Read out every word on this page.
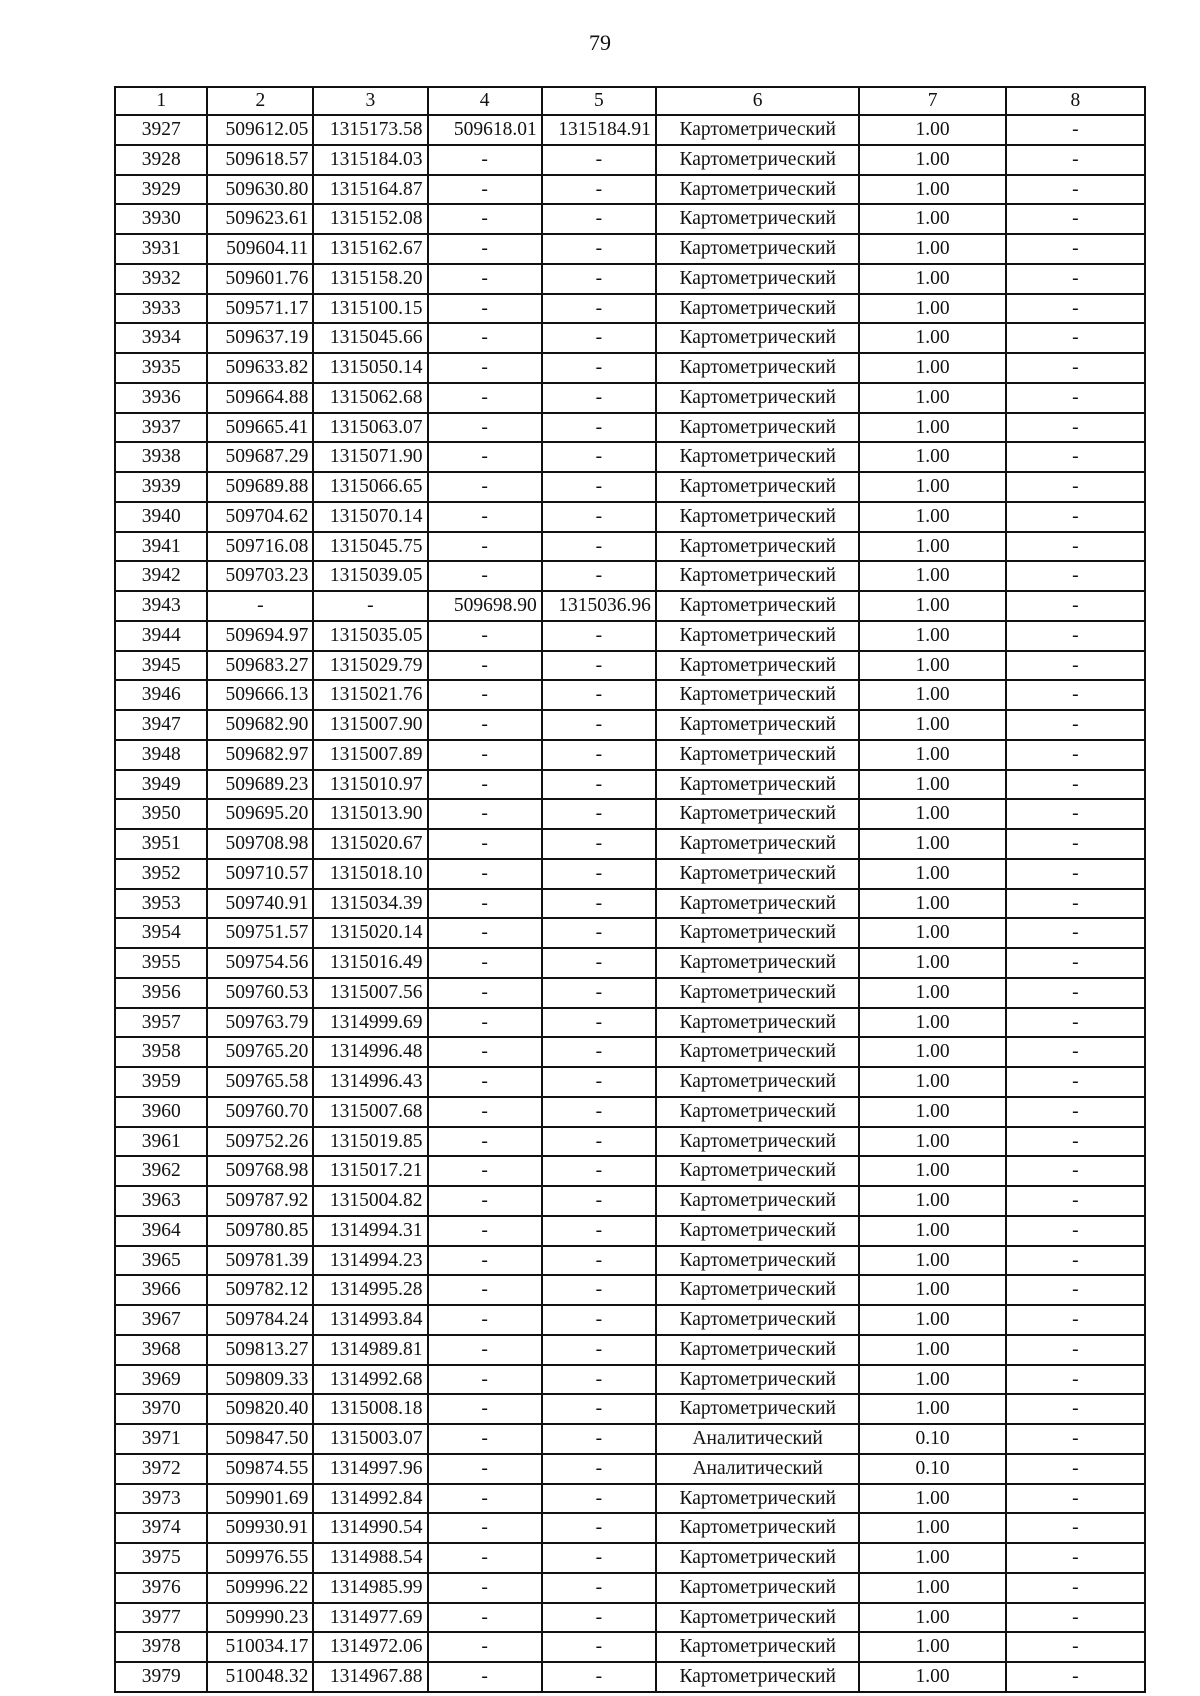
79
1	2	3	4	5	6	7	8
3927	509612.05	1315173.58	509618.01	1315184.91	Картометрический	1.00	-
3928	509618.57	1315184.03	-	-	Картометрический	1.00	-
3929	509630.80	1315164.87	-	-	Картометрический	1.00	-
3930	509623.61	1315152.08	-	-	Картометрический	1.00	-
3931	509604.11	1315162.67	-	-	Картометрический	1.00	-
3932	509601.76	1315158.20	-	-	Картометрический	1.00	-
3933	509571.17	1315100.15	-	-	Картометрический	1.00	-
3934	509637.19	1315045.66	-	-	Картометрический	1.00	-
3935	509633.82	1315050.14	-	-	Картометрический	1.00	-
3936	509664.88	1315062.68	-	-	Картометрический	1.00	-
3937	509665.41	1315063.07	-	-	Картометрический	1.00	-
3938	509687.29	1315071.90	-	-	Картометрический	1.00	-
3939	509689.88	1315066.65	-	-	Картометрический	1.00	-
3940	509704.62	1315070.14	-	-	Картометрический	1.00	-
3941	509716.08	1315045.75	-	-	Картометрический	1.00	-
3942	509703.23	1315039.05	-	-	Картометрический	1.00	-
3943	-	-	509698.90	1315036.96	Картометрический	1.00	-
3944	509694.97	1315035.05	-	-	Картометрический	1.00	-
3945	509683.27	1315029.79	-	-	Картометрический	1.00	-
3946	509666.13	1315021.76	-	-	Картометрический	1.00	-
3947	509682.90	1315007.90	-	-	Картометрический	1.00	-
3948	509682.97	1315007.89	-	-	Картометрический	1.00	-
3949	509689.23	1315010.97	-	-	Картометрический	1.00	-
3950	509695.20	1315013.90	-	-	Картометрический	1.00	-
3951	509708.98	1315020.67	-	-	Картометрический	1.00	-
3952	509710.57	1315018.10	-	-	Картометрический	1.00	-
3953	509740.91	1315034.39	-	-	Картометрический	1.00	-
3954	509751.57	1315020.14	-	-	Картометрический	1.00	-
3955	509754.56	1315016.49	-	-	Картометрический	1.00	-
3956	509760.53	1315007.56	-	-	Картометрический	1.00	-
3957	509763.79	1314999.69	-	-	Картометрический	1.00	-
3958	509765.20	1314996.48	-	-	Картометрический	1.00	-
3959	509765.58	1314996.43	-	-	Картометрический	1.00	-
3960	509760.70	1315007.68	-	-	Картометрический	1.00	-
3961	509752.26	1315019.85	-	-	Картометрический	1.00	-
3962	509768.98	1315017.21	-	-	Картометрический	1.00	-
3963	509787.92	1315004.82	-	-	Картометрический	1.00	-
3964	509780.85	1314994.31	-	-	Картометрический	1.00	-
3965	509781.39	1314994.23	-	-	Картометрический	1.00	-
3966	509782.12	1314995.28	-	-	Картометрический	1.00	-
3967	509784.24	1314993.84	-	-	Картометрический	1.00	-
3968	509813.27	1314989.81	-	-	Картометрический	1.00	-
3969	509809.33	1314992.68	-	-	Картометрический	1.00	-
3970	509820.40	1315008.18	-	-	Картометрический	1.00	-
3971	509847.50	1315003.07	-	-	Аналитический	0.10	-
3972	509874.55	1314997.96	-	-	Аналитический	0.10	-
3973	509901.69	1314992.84	-	-	Картометрический	1.00	-
3974	509930.91	1314990.54	-	-	Картометрический	1.00	-
3975	509976.55	1314988.54	-	-	Картометрический	1.00	-
3976	509996.22	1314985.99	-	-	Картометрический	1.00	-
3977	509990.23	1314977.69	-	-	Картометрический	1.00	-
3978	510034.17	1314972.06	-	-	Картометрический	1.00	-
3979	510048.32	1314967.88	-	-	Картометрический	1.00	-
